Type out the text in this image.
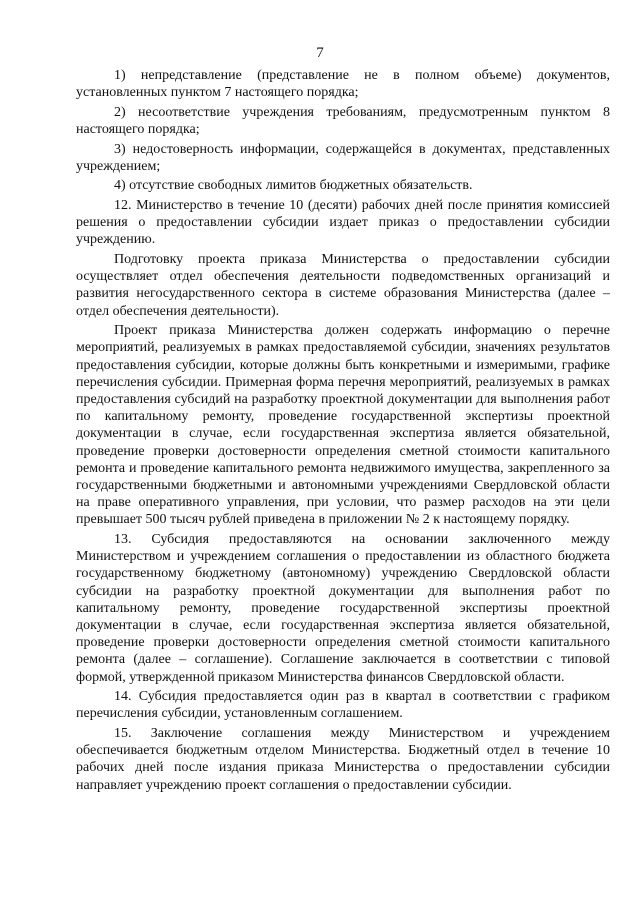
7

1) непредставление (представление не в полном объеме) документов, установленных пунктом 7 настоящего порядка;

2) несоответствие учреждения требованиям, предусмотренным пунктом 8 настоящего порядка;

3) недостоверность информации, содержащейся в документах, представленных учреждением;

4) отсутствие свободных лимитов бюджетных обязательств.

12. Министерство в течение 10 (десяти) рабочих дней после принятия комиссией решения о предоставлении субсидии издает приказ о предоставлении субсидии учреждению.

Подготовку проекта приказа Министерства о предоставлении субсидии осуществляет отдел обеспечения деятельности подведомственных организаций и развития негосударственного сектора в системе образования Министерства (далее – отдел обеспечения деятельности).

Проект приказа Министерства должен содержать информацию о перечне мероприятий, реализуемых в рамках предоставляемой субсидии, значениях результатов предоставления субсидии, которые должны быть конкретными и измеримыми, графике перечисления субсидии. Примерная форма перечня мероприятий, реализуемых в рамках предоставления субсидий на разработку проектной документации для выполнения работ по капитальному ремонту, проведение государственной экспертизы проектной документации в случае, если государственная экспертиза является обязательной, проведение проверки достоверности определения сметной стоимости капитального ремонта и проведение капитального ремонта недвижимого имущества, закрепленного за государственными бюджетными и автономными учреждениями Свердловской области на праве оперативного управления, при условии, что размер расходов на эти цели превышает 500 тысяч рублей приведена в приложении № 2 к настоящему порядку.

13. Субсидия предоставляются на основании заключенного между Министерством и учреждением соглашения о предоставлении из областного бюджета государственному бюджетному (автономному) учреждению Свердловской области субсидии на разработку проектной документации для выполнения работ по капитальному ремонту, проведение государственной экспертизы проектной документации в случае, если государственная экспертиза является обязательной, проведение проверки достоверности определения сметной стоимости капитального ремонта (далее – соглашение). Соглашение заключается в соответствии с типовой формой, утвержденной приказом Министерства финансов Свердловской области.

14. Субсидия предоставляется один раз в квартал в соответствии с графиком перечисления субсидии, установленным соглашением.

15. Заключение соглашения между Министерством и учреждением обеспечивается бюджетным отделом Министерства. Бюджетный отдел в течение 10 рабочих дней после издания приказа Министерства о предоставлении субсидии направляет учреждению проект соглашения о предоставлении субсидии.
